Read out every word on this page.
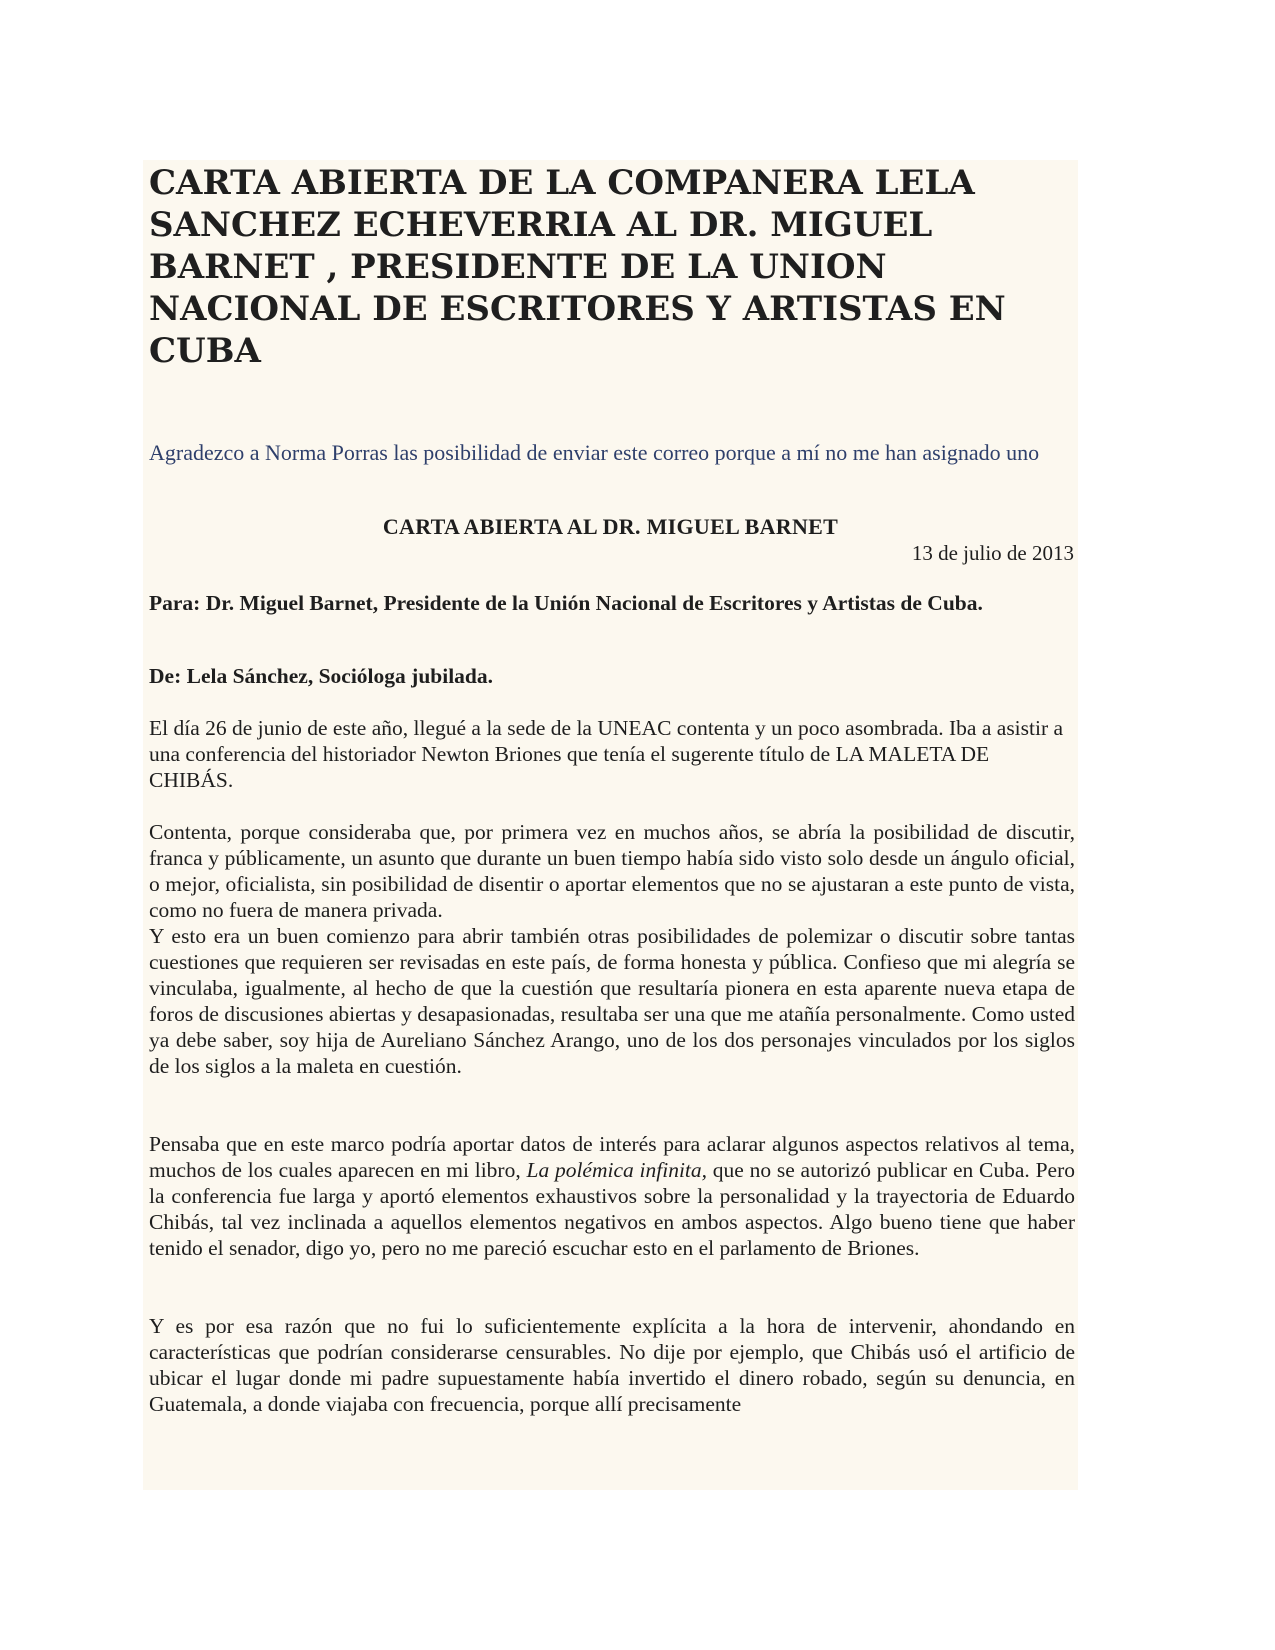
CARTA ABIERTA DE LA COMPANERA LELA SANCHEZ ECHEVERRIA AL DR. MIGUEL BARNET , PRESIDENTE DE LA UNION NACIONAL DE ESCRITORES Y ARTISTAS EN CUBA

Agradezco a Norma Porras las posibilidad de enviar este correo porque a mí no me han asignado uno

CARTA ABIERTA AL DR. MIGUEL BARNET

13 de julio de 2013

Para: Dr. Miguel Barnet, Presidente de la Unión Nacional de Escritores y Artistas de Cuba.

De: Lela Sánchez, Socióloga jubilada.

El día 26 de junio de este año, llegué a la sede de la UNEAC contenta y un poco asombrada. Iba a asistir a una conferencia del historiador Newton Briones que tenía el sugerente título de LA MALETA DE CHIBÁS.

Contenta, porque consideraba que, por primera vez en muchos años, se abría la posibilidad de discutir, franca y públicamente, un asunto que durante un buen tiempo había sido visto solo desde un ángulo oficial, o mejor, oficialista, sin posibilidad de disentir o aportar elementos que no se ajustaran a este punto de vista, como no fuera de manera privada.
Y esto era un buen comienzo para abrir también otras posibilidades de polemizar o discutir sobre tantas cuestiones que requieren ser revisadas en este país, de forma honesta y pública. Confieso que mi alegría se vinculaba, igualmente, al hecho de que la cuestión que resultaría pionera en esta aparente nueva etapa de foros de discusiones abiertas y desapasionadas, resultaba ser una que me atañía personalmente. Como usted ya debe saber, soy hija de Aureliano Sánchez Arango, uno de los dos personajes vinculados por los siglos de los siglos a la maleta en cuestión.

Pensaba que en este marco podría aportar datos de interés para aclarar algunos aspectos relativos al tema, muchos de los cuales aparecen en mi libro, La polémica infinita, que no se autorizó publicar en Cuba. Pero la conferencia fue larga y aportó elementos exhaustivos sobre la personalidad y la trayectoria de Eduardo Chibás, tal vez inclinada a aquellos elementos negativos en ambos aspectos. Algo bueno tiene que haber tenido el senador, digo yo, pero no me pareció escuchar esto en el parlamento de Briones.

Y es por esa razón que no fui lo suficientemente explícita a la hora de intervenir, ahondando en características que podrían considerarse censurables. No dije por ejemplo, que Chibás usó el artificio de ubicar el lugar donde mi padre supuestamente había invertido el dinero robado, según su denuncia, en Guatemala, a donde viajaba con frecuencia, porque allí precisamente
